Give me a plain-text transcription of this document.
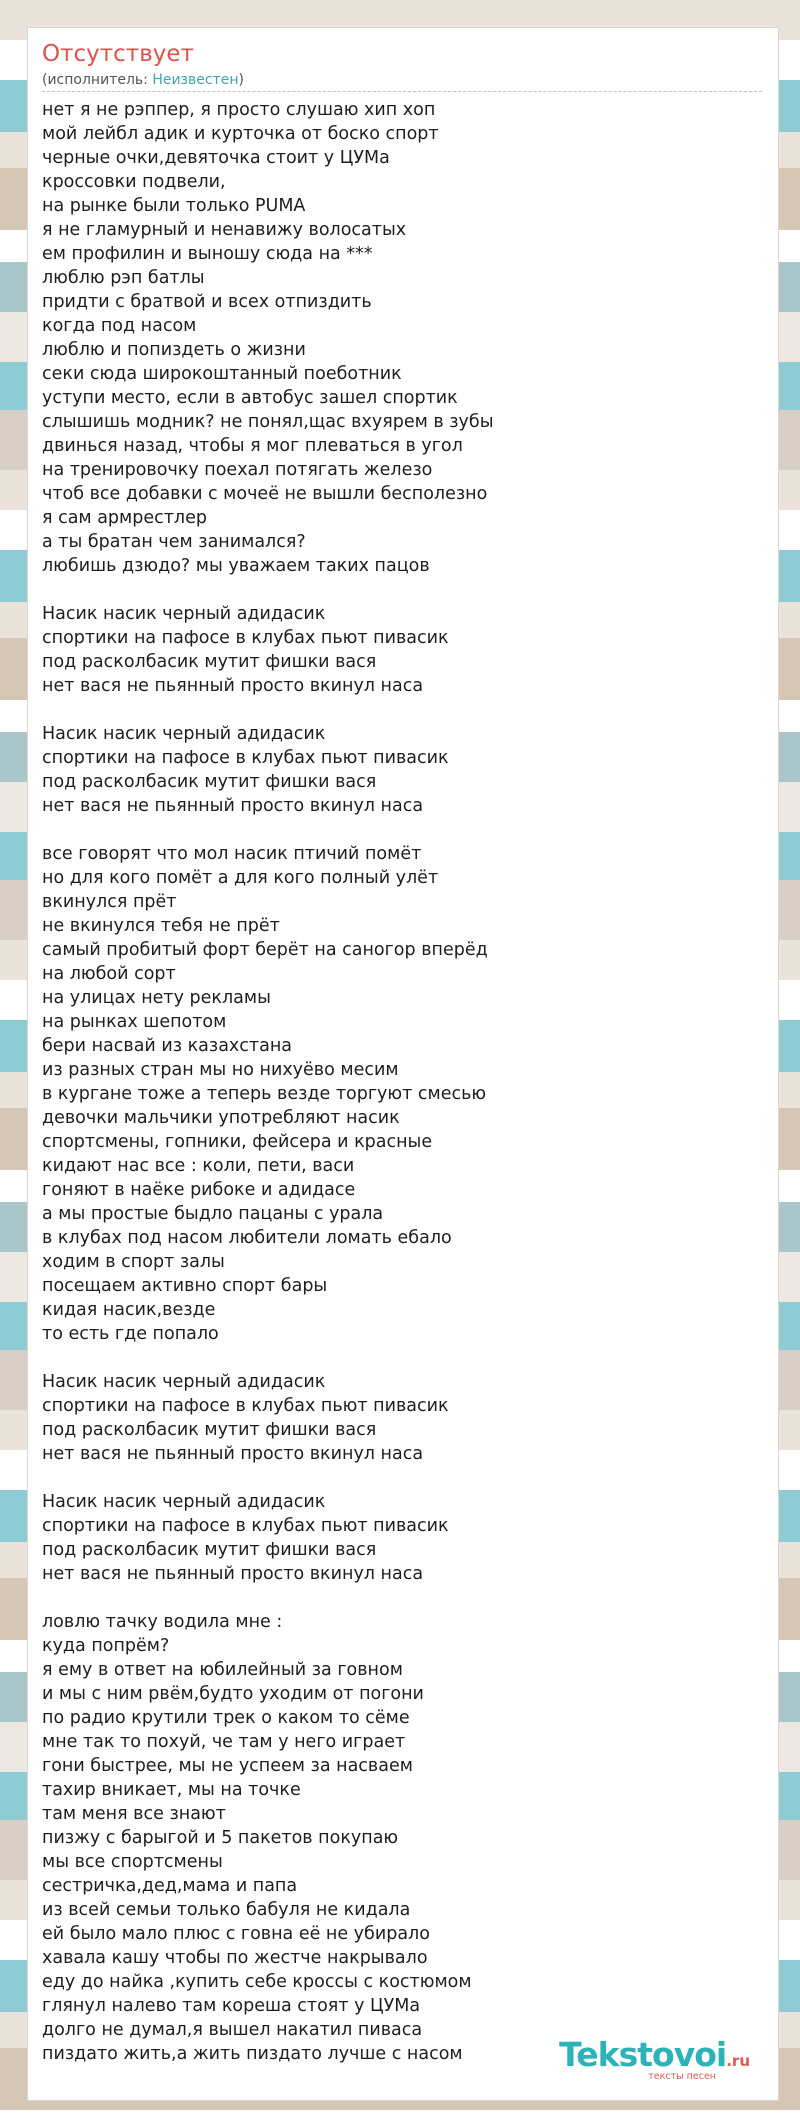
Отсутствует
(исполнитель: Неизвестен)
нет я не рэппер, я просто слушаю хип хоп
мой лейбл адик и курточка от боско спорт
черные очки,девяточка стоит у ЦУМа
кроссовки подвели,
на рынке были только PUMA
я не гламурный и ненавижу волосатых
ем профилин и выношу сюда на ***
люблю рэп батлы
придти с братвой и всех отпиздить
когда под насом
люблю и попиздеть о жизни
секи сюда широкоштанный поеботник
уступи место, если в автобус зашел спортик
слышишь модник? не понял,щас вхуярем в зубы
двинься назад, чтобы я мог плеваться в угол
на тренировочку поехал потягать железо
чтоб все добавки с мочеё не вышли бесполезно
я сам армрестлер
а ты братан чем занимался?
любишь дзюдо? мы уважаем таких пацов
Насик насик черный адидасик
спортики на пафосе в клубах пьют пивасик
под расколбасик мутит фишки вася
нет вася не пьянный просто вкинул наса
Насик насик черный адидасик
спортики на пафосе в клубах пьют пивасик
под расколбасик мутит фишки вася
нет вася не пьянный просто вкинул наса
все говорят что мол насик птичий помёт
но для кого помёт а для кого полный улёт
вкинулся прёт
не вкинулся тебя не прёт
самый пробитый форт берёт на саногор вперёд
на любой сорт
на улицах нету рекламы
на рынках шепотом
бери насвай из казахстана
из разных стран мы но нихуёво месим
в кургане тоже а теперь везде торгуют смесью
девочки мальчики употребляют насик
спортсмены, гопники, фейсера и красные
кидают нас все : коли, пети, васи
гоняют в наёке рибоке и адидасе
а мы простые быдло пацаны с урала
в клубах под насом любители ломать ебало
ходим в спорт залы
посещаем активно спорт бары
кидая насик,везде
то есть где попало
Насик насик черный адидасик
спортики на пафосе в клубах пьют пивасик
под расколбасик мутит фишки вася
нет вася не пьянный просто вкинул наса
Насик насик черный адидасик
спортики на пафосе в клубах пьют пивасик
под расколбасик мутит фишки вася
нет вася не пьянный просто вкинул наса
ловлю тачку водила мне :
куда попрём?
я ему в ответ на юбилейный за говном
и мы с ним рвём,будто уходим от погони
по радио крутили трек о каком то сёме
мне так то похуй, че там у него играет
гони быстрее, мы не успеем за насваем
тахир вникает, мы на точке
там меня все знают
пизжу с барыгой и 5 пакетов покупаю
мы все спортсмены
сестричка,дед,мама и папа
из всей семьи только бабуля не кидала
ей было мало плюс с говна её не убирало
хавала кашу чтобы по жестче накрывало
еду до найка ,купить себе кроссы с костюмом
глянул налево там кореша стоят у ЦУМа
долго не думал,я вышел накатил пиваса
пиздато жить,а жить пиздато лучше с насом	Tekstovoi.ru
тексты песен
